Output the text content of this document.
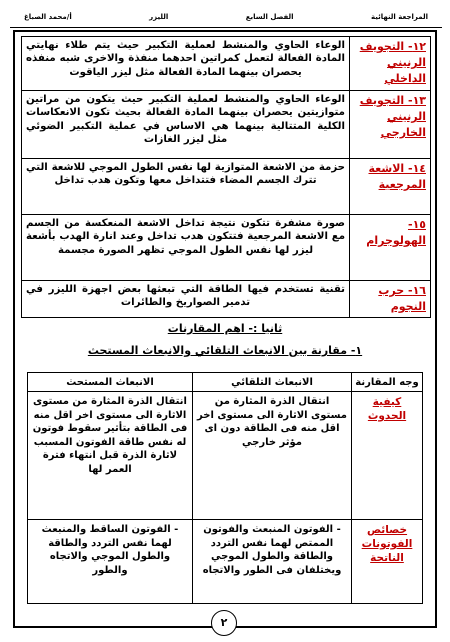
المراجعة النهائية
الفصل السابع
الليزر
أ/محمد الصباغ
١٢- التجويف الرنيني الداخلي	الوعاء الحاوي والمنشط لعملية التكبير حيث يتم طلاء نهايتي المادة الفعالة لتعمل كمراتين احدهما منفذة والاخرى شبه منفذه يحصران بينهما المادة الفعالة مثل ليزر الياقوت
١٣- التجويف الرنيني الخارجي	الوعاء الحاوي والمنشط لعملية التكبير حيث يتكون من مراتين متوازيتين يحصران بينهما المادة الفعالة بحيث تكون الانعكاسات الكلية المتتالية بينهما هي الاساس في عملية التكبير الضوئي مثل ليزر الغازات
١٤- الاشعة المرجعية	حزمة من الاشعة المتوازية لها نفس الطول الموجي للاشعة التي تترك الجسم المضاء فتتداخل معها وتكون هدب تداخل
١٥- الهولوجرام	صورة مشفرة تتكون نتيجة تداخل الاشعة المنعكسة من الجسم مع الاشعة المرجعية فتتكون هدب تداخل وعند انارة الهدب بأشعة ليزر لها نفس الطول الموجي تظهر الصورة مجسمة
١٦- حرب النجوم	تقنية تستخدم فيها الطاقة التي تبعثها بعض اجهزة الليزر في تدمير الصواريخ والطائرات
ثانيا :- اهم المقارنات
١- مقارنة بين الانبعاث التلقائي والانبعاث المستحث
وجه المقارنة	الانبعاث التلقائي	الانبعاث المستحث
كيفية الحدوث	انتقال الذرة المثارة من مستوى الاثارة الى مستوى اخر اقل منه فى الطاقة دون اى مؤثر خارجي	انتقال الذرة المثارة من مستوى الاثارة الى مستوى اخر اقل منه فى الطاقة بتأثير سقوط فوتون له نفس طاقة الفوتون المسبب لاثارة الذرة قبل انتهاء فترة العمر لها
خصائص الفوتونات الناتجة	- الفوتون المنبعث والفوتون الممتص لهما نفس التردد والطاقة والطول الموجي ويختلفان فى الطور والاتجاه	- الفوتون الساقط والمنبعث لهما نفس التردد والطاقة والطول الموجي والاتجاه والطور
٢
